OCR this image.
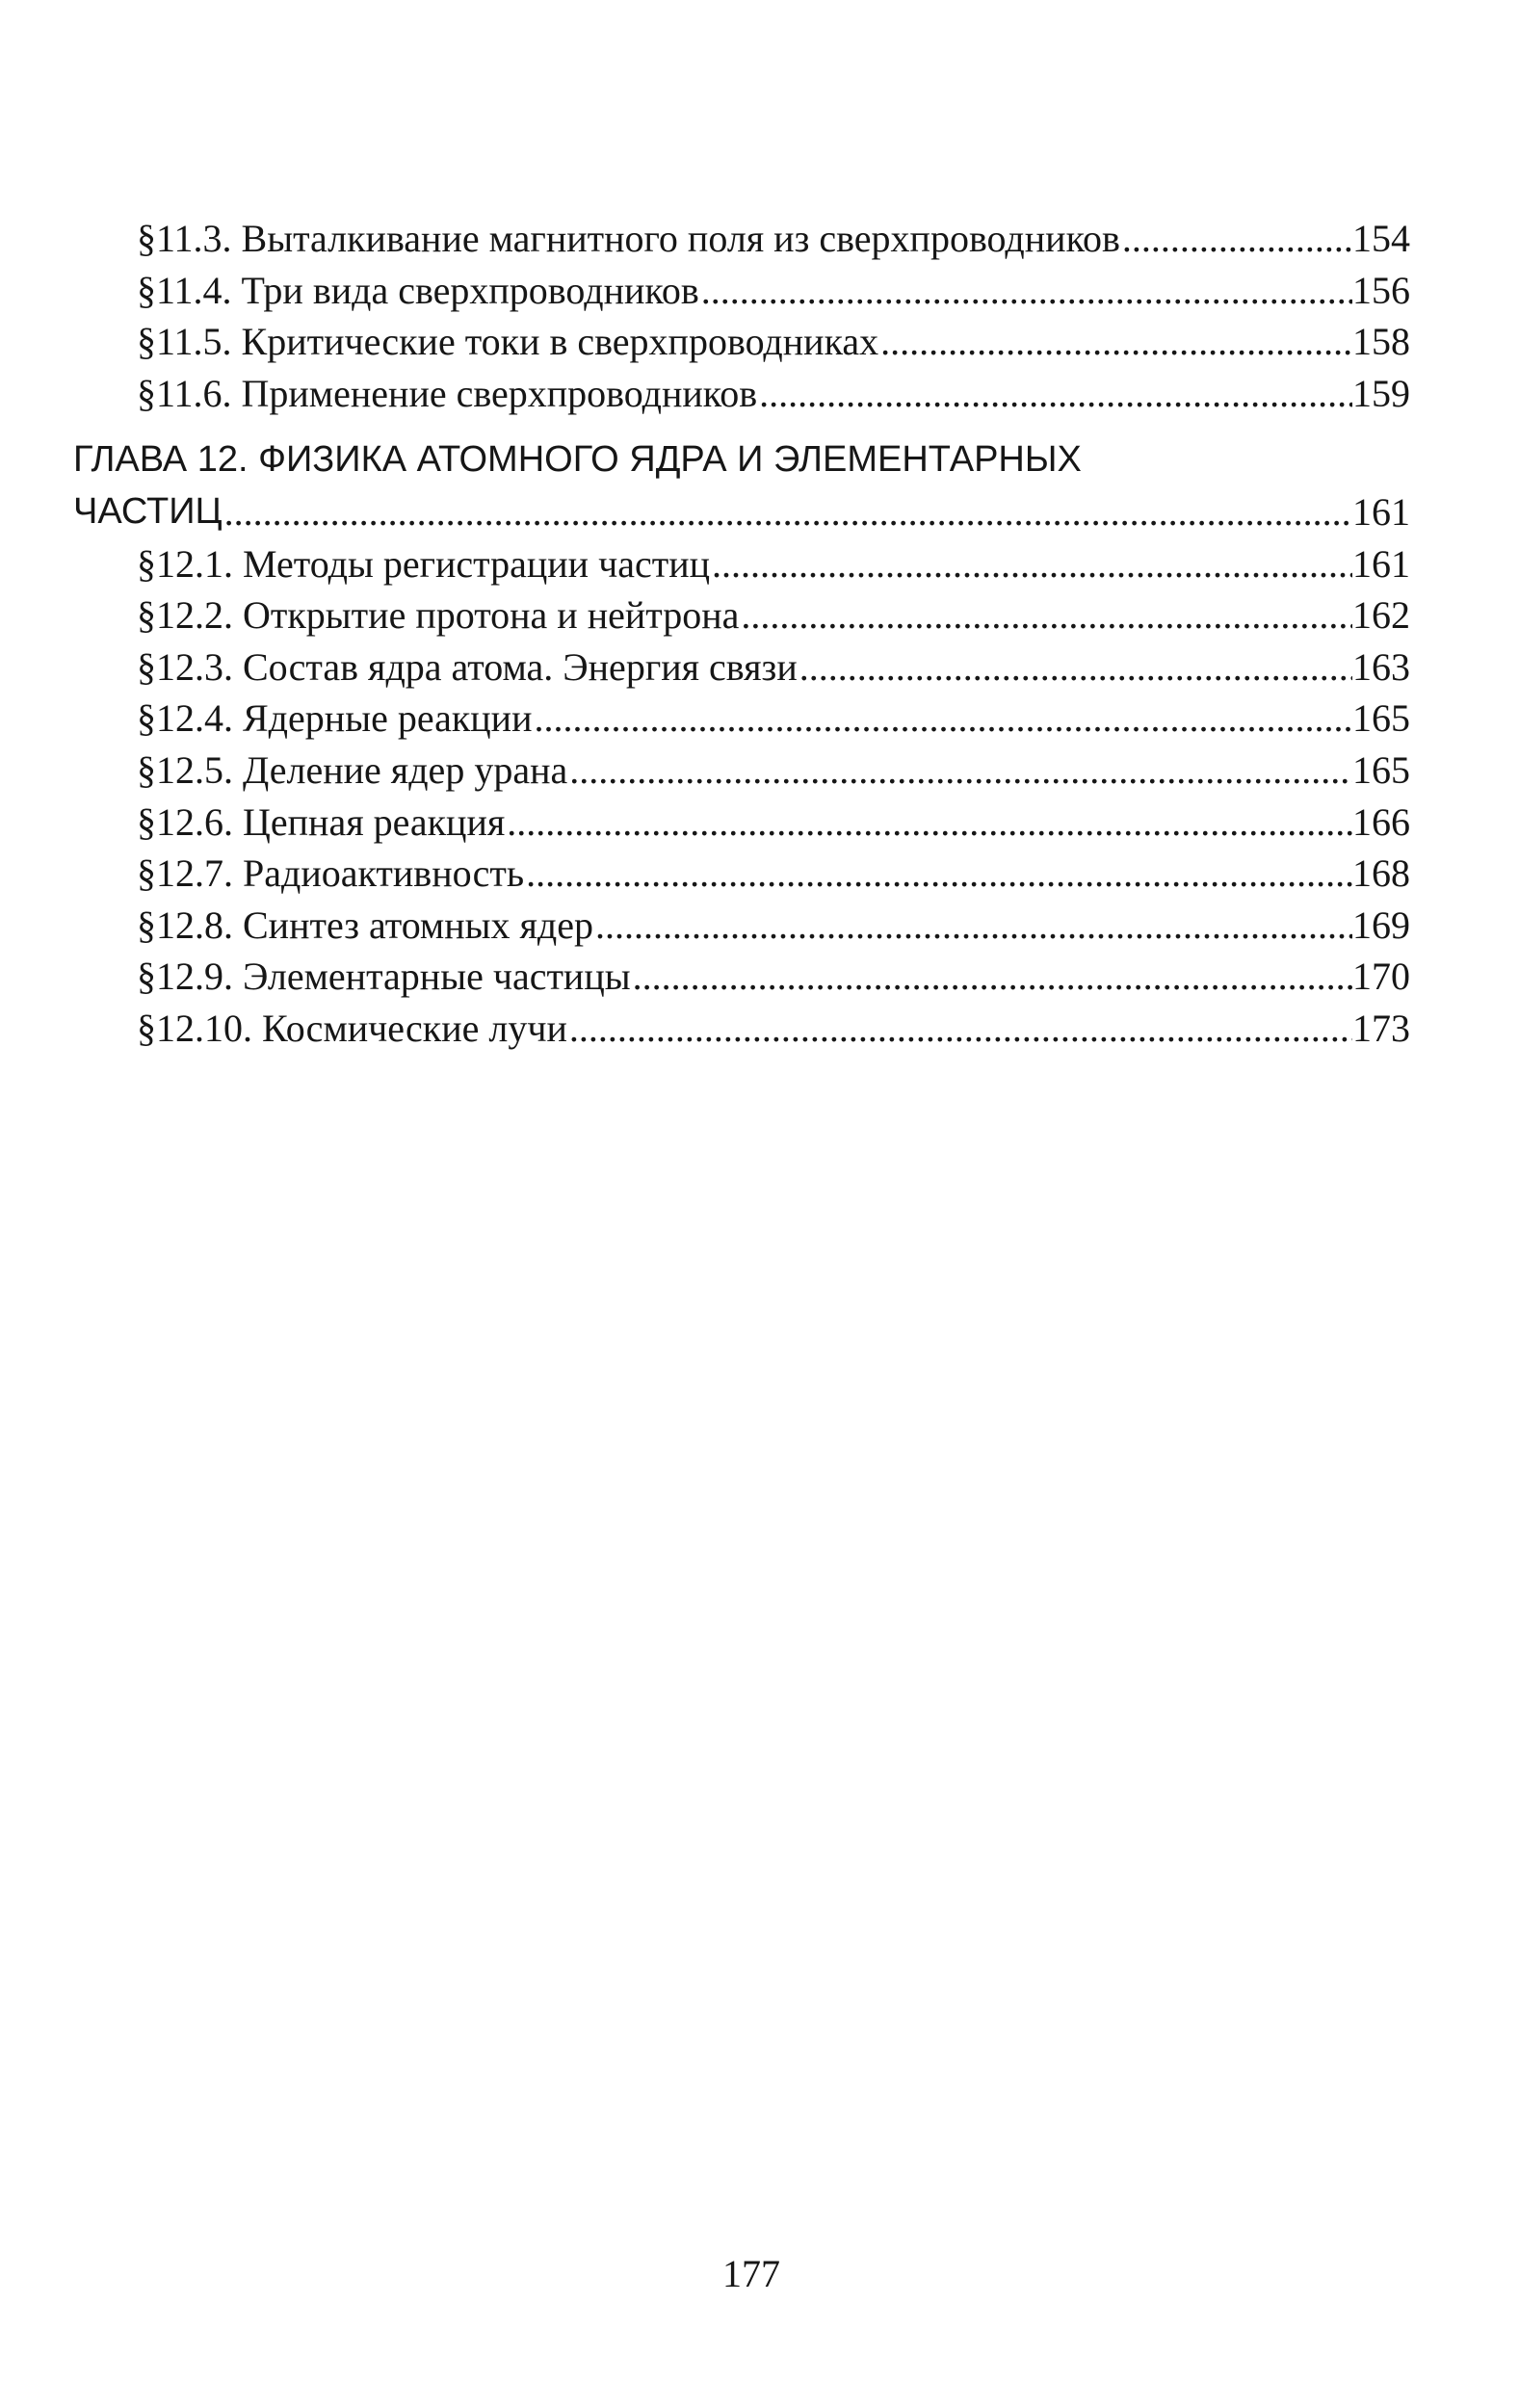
§11.3. Выталкивание магнитного поля из сверхпроводников .....	154
§11.4. Три вида сверхпроводников .....	156
§11.5. Критические токи в сверхпроводниках .....	158
§11.6. Применение сверхпроводников .....	159
ГЛАВА 12. ФИЗИКА АТОМНОГО ЯДРА И ЭЛЕМЕНТАРНЫХ
ЧАСТИЦ .....	161
§12.1. Методы регистрации частиц .....	161
§12.2. Открытие протона и нейтрона .....	162
§12.3. Состав ядра атома. Энергия связи .....	163
§12.4. Ядерные реакции .....	165
§12.5. Деление ядер урана .....	165
§12.6. Цепная реакция .....	166
§12.7. Радиоактивность .....	168
§12.8. Синтез атомных ядер .....	169
§12.9. Элементарные частицы .....	170
§12.10. Космические лучи .....	173
177
